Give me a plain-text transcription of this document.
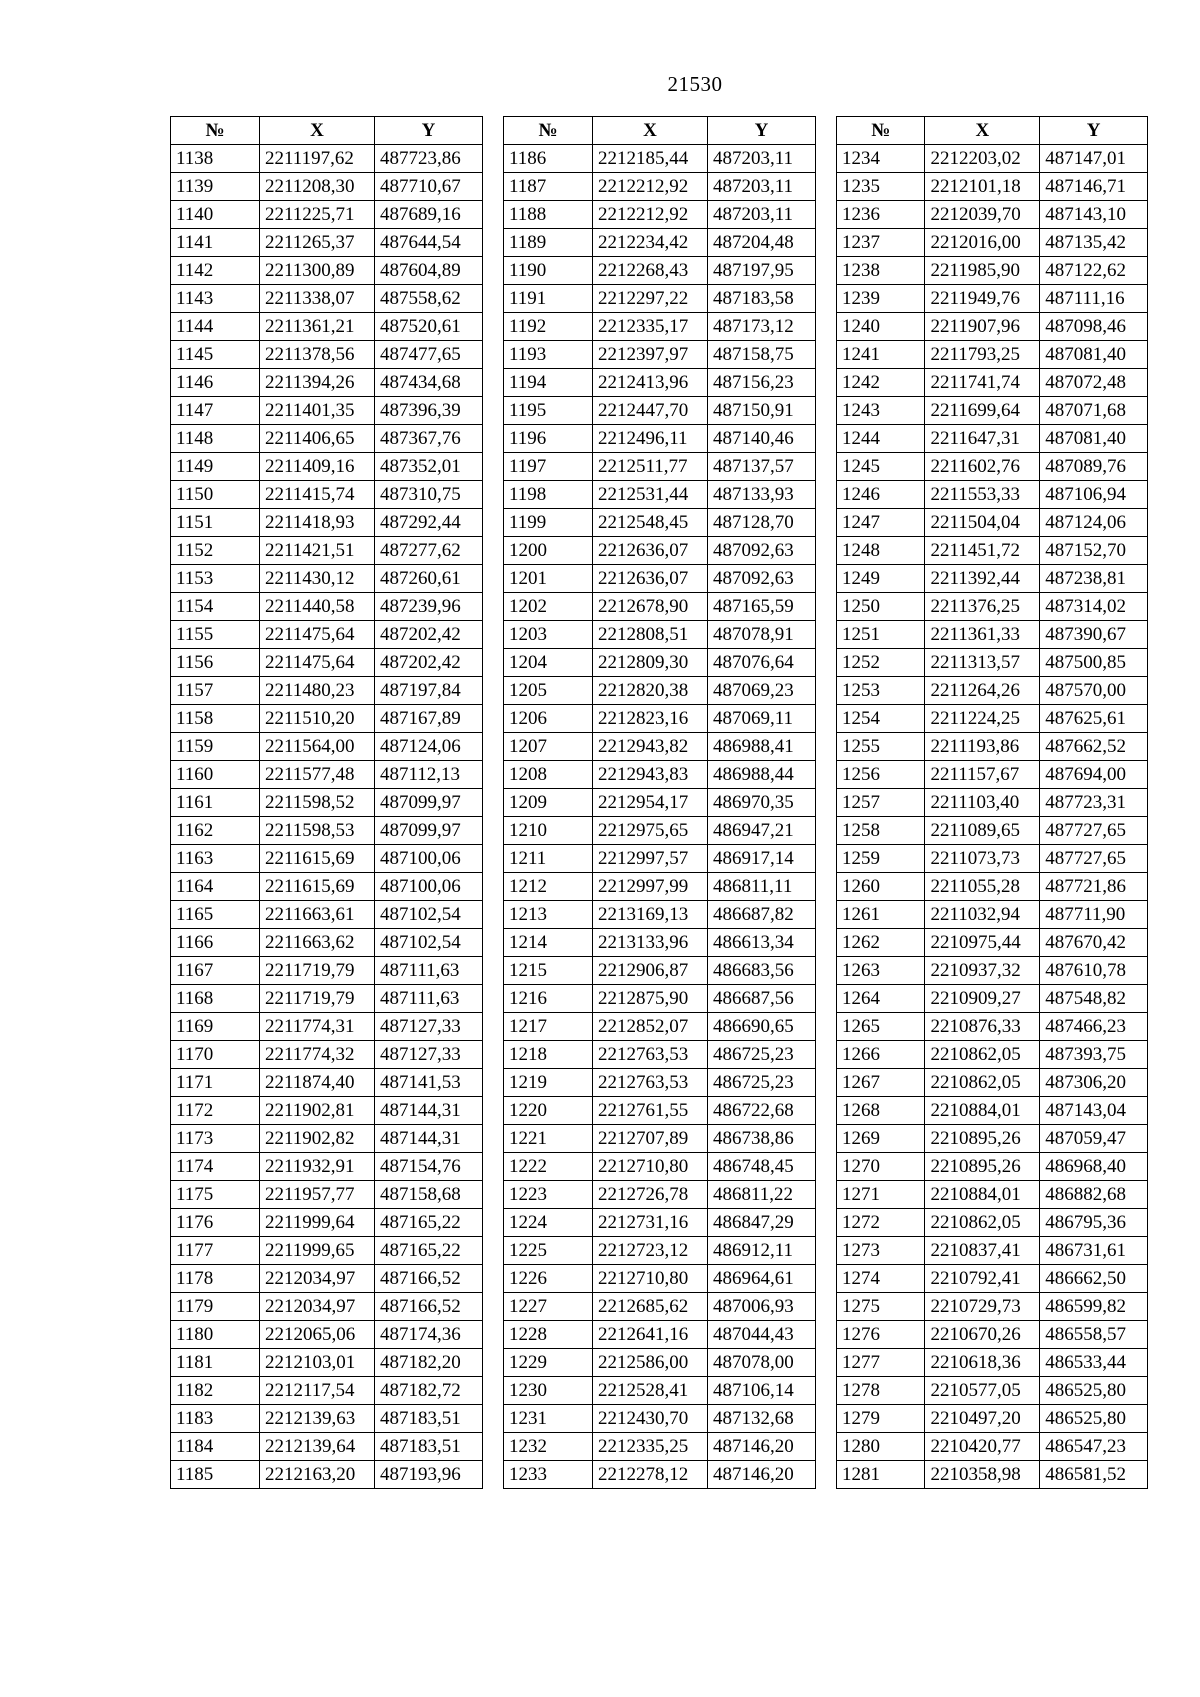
21530
№	X	Y
1138	2211197,62	487723,86
1139	2211208,30	487710,67
1140	2211225,71	487689,16
1141	2211265,37	487644,54
1142	2211300,89	487604,89
1143	2211338,07	487558,62
1144	2211361,21	487520,61
1145	2211378,56	487477,65
1146	2211394,26	487434,68
1147	2211401,35	487396,39
1148	2211406,65	487367,76
1149	2211409,16	487352,01
1150	2211415,74	487310,75
1151	2211418,93	487292,44
1152	2211421,51	487277,62
1153	2211430,12	487260,61
1154	2211440,58	487239,96
1155	2211475,64	487202,42
1156	2211475,64	487202,42
1157	2211480,23	487197,84
1158	2211510,20	487167,89
1159	2211564,00	487124,06
1160	2211577,48	487112,13
1161	2211598,52	487099,97
1162	2211598,53	487099,97
1163	2211615,69	487100,06
1164	2211615,69	487100,06
1165	2211663,61	487102,54
1166	2211663,62	487102,54
1167	2211719,79	487111,63
1168	2211719,79	487111,63
1169	2211774,31	487127,33
1170	2211774,32	487127,33
1171	2211874,40	487141,53
1172	2211902,81	487144,31
1173	2211902,82	487144,31
1174	2211932,91	487154,76
1175	2211957,77	487158,68
1176	2211999,64	487165,22
1177	2211999,65	487165,22
1178	2212034,97	487166,52
1179	2212034,97	487166,52
1180	2212065,06	487174,36
1181	2212103,01	487182,20
1182	2212117,54	487182,72
1183	2212139,63	487183,51
1184	2212139,64	487183,51
1185	2212163,20	487193,96
№	X	Y
1186	2212185,44	487203,11
1187	2212212,92	487203,11
1188	2212212,92	487203,11
1189	2212234,42	487204,48
1190	2212268,43	487197,95
1191	2212297,22	487183,58
1192	2212335,17	487173,12
1193	2212397,97	487158,75
1194	2212413,96	487156,23
1195	2212447,70	487150,91
1196	2212496,11	487140,46
1197	2212511,77	487137,57
1198	2212531,44	487133,93
1199	2212548,45	487128,70
1200	2212636,07	487092,63
1201	2212636,07	487092,63
1202	2212678,90	487165,59
1203	2212808,51	487078,91
1204	2212809,30	487076,64
1205	2212820,38	487069,23
1206	2212823,16	487069,11
1207	2212943,82	486988,41
1208	2212943,83	486988,44
1209	2212954,17	486970,35
1210	2212975,65	486947,21
1211	2212997,57	486917,14
1212	2212997,99	486811,11
1213	2213169,13	486687,82
1214	2213133,96	486613,34
1215	2212906,87	486683,56
1216	2212875,90	486687,56
1217	2212852,07	486690,65
1218	2212763,53	486725,23
1219	2212763,53	486725,23
1220	2212761,55	486722,68
1221	2212707,89	486738,86
1222	2212710,80	486748,45
1223	2212726,78	486811,22
1224	2212731,16	486847,29
1225	2212723,12	486912,11
1226	2212710,80	486964,61
1227	2212685,62	487006,93
1228	2212641,16	487044,43
1229	2212586,00	487078,00
1230	2212528,41	487106,14
1231	2212430,70	487132,68
1232	2212335,25	487146,20
1233	2212278,12	487146,20
№	X	Y
1234	2212203,02	487147,01
1235	2212101,18	487146,71
1236	2212039,70	487143,10
1237	2212016,00	487135,42
1238	2211985,90	487122,62
1239	2211949,76	487111,16
1240	2211907,96	487098,46
1241	2211793,25	487081,40
1242	2211741,74	487072,48
1243	2211699,64	487071,68
1244	2211647,31	487081,40
1245	2211602,76	487089,76
1246	2211553,33	487106,94
1247	2211504,04	487124,06
1248	2211451,72	487152,70
1249	2211392,44	487238,81
1250	2211376,25	487314,02
1251	2211361,33	487390,67
1252	2211313,57	487500,85
1253	2211264,26	487570,00
1254	2211224,25	487625,61
1255	2211193,86	487662,52
1256	2211157,67	487694,00
1257	2211103,40	487723,31
1258	2211089,65	487727,65
1259	2211073,73	487727,65
1260	2211055,28	487721,86
1261	2211032,94	487711,90
1262	2210975,44	487670,42
1263	2210937,32	487610,78
1264	2210909,27	487548,82
1265	2210876,33	487466,23
1266	2210862,05	487393,75
1267	2210862,05	487306,20
1268	2210884,01	487143,04
1269	2210895,26	487059,47
1270	2210895,26	486968,40
1271	2210884,01	486882,68
1272	2210862,05	486795,36
1273	2210837,41	486731,61
1274	2210792,41	486662,50
1275	2210729,73	486599,82
1276	2210670,26	486558,57
1277	2210618,36	486533,44
1278	2210577,05	486525,80
1279	2210497,20	486525,80
1280	2210420,77	486547,23
1281	2210358,98	486581,52
